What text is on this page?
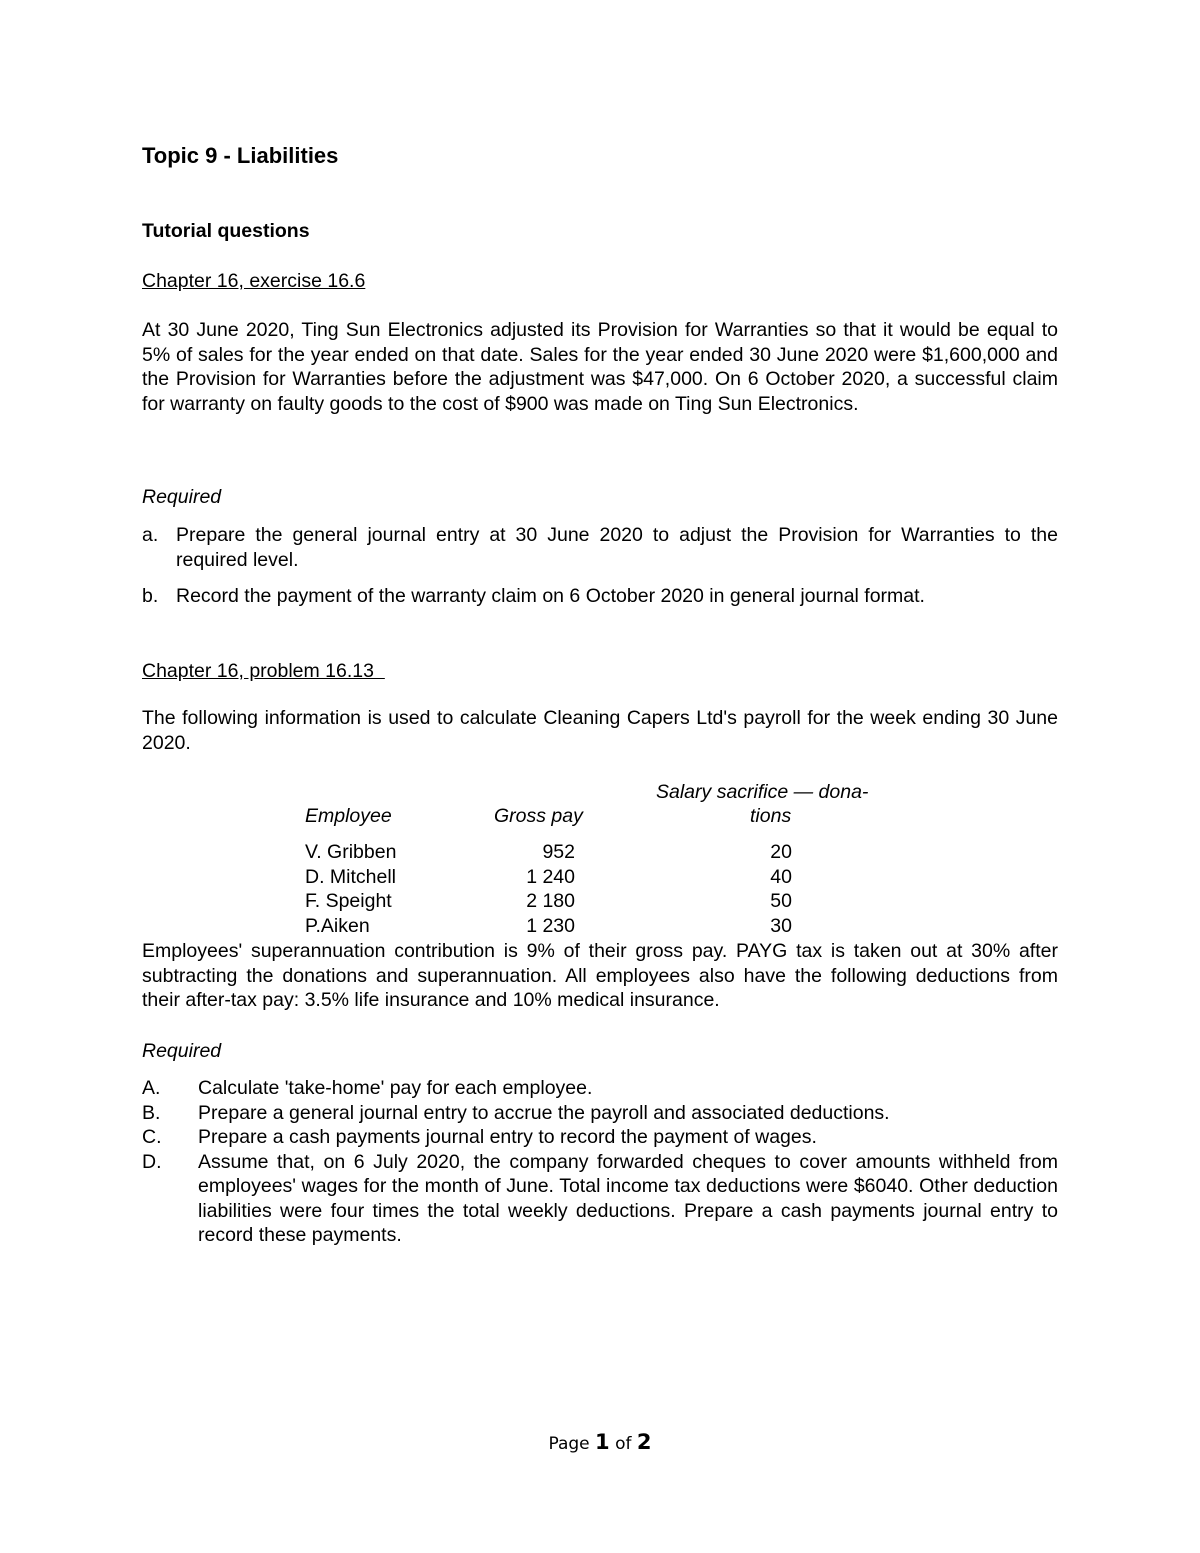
Topic 9 - Liabilities
Tutorial questions
Chapter 16, exercise 16.6
At 30 June 2020, Ting Sun Electronics adjusted its Provision for Warranties so that it would be equal to 5% of sales for the year ended on that date. Sales for the year ended 30 June 2020 were $1,600,000 and the Provision for Warranties before the adjustment was $47,000. On 6 October 2020, a successful claim for warranty on faulty goods to the cost of $900 was made on Ting Sun Electronics.
Required
a. Prepare the general journal entry at 30 June 2020 to adjust the Provision for Warranties to the required level.
b. Record the payment of the warranty claim on 6 October 2020 in general journal format.
Chapter 16, problem 16.13
The following information is used to calculate Cleaning Capers Ltd's payroll for the week ending 30 June 2020.
Salary sacrifice — dona-
Employee	Gross pay	tions
V. Gribben	952	20
D. Mitchell	1 240	40
F. Speight	2 180	50
P.Aiken	1 230	30
Employees' superannuation contribution is 9% of their gross pay. PAYG tax is taken out at 30% after subtracting the donations and superannuation. All employees also have the following deductions from their after-tax pay: 3.5% life insurance and 10% medical insurance.
Required
A.	Calculate 'take-home' pay for each employee.
B.	Prepare a general journal entry to accrue the payroll and associated deductions.
C.	Prepare a cash payments journal entry to record the payment of wages.
D.	Assume that, on 6 July 2020, the company forwarded cheques to cover amounts withheld from employees' wages for the month of June. Total income tax deductions were $6040. Other deduction liabilities were four times the total weekly deductions. Prepare a cash payments journal entry to record these payments.
Page 1 of 2
